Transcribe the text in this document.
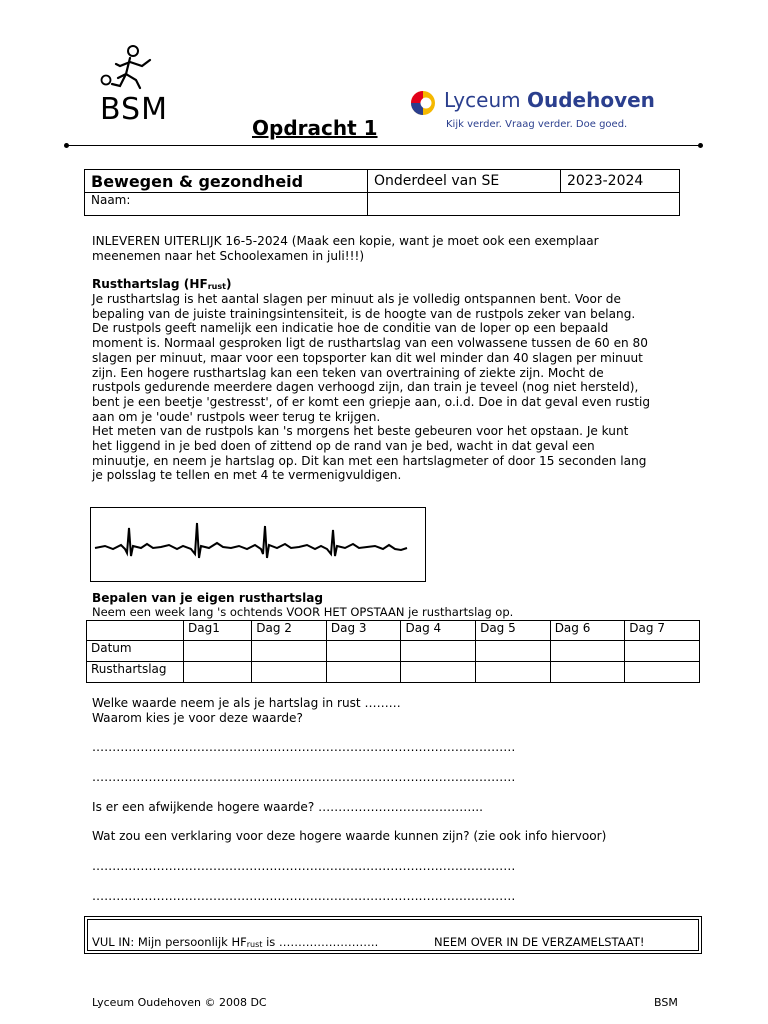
BSM
Opdracht 1
Lyceum Oudehoven
Kijk verder. Vraag verder. Doe goed.
Bewegen & gezondheid	Onderdeel van SE	2023-2024
Naam:		
INLEVEREN UITERLIJK 16-5-2024 (Maak een kopie, want je moet ook een exemplaar
meenemen naar het Schoolexamen in juli!!!)
Rusthartslag $(HF_{rust})$
Je rusthartslag is het aantal slagen per minuut als je volledig ontspannen bent. Voor de
bepaling van de juiste trainingsintensiteit, is de hoogte van de rustpols zeker van belang.
De rustpols geeft namelijk een indicatie hoe de conditie van de loper op een bepaald
moment is. Normaal gesproken ligt de rusthartslag van een volwassene tussen de 60 en 80
slagen per minuut, maar voor een topsporter kan dit wel minder dan 40 slagen per minuut
zijn. Een hogere rusthartslag kan een teken van overtraining of ziekte zijn. Mocht de
rustpols gedurende meerdere dagen verhoogd zijn, dan train je teveel (nog niet hersteld),
bent je een beetje 'gestresst', of er komt een griepje aan, o.i.d. Doe in dat geval even rustig
aan om je 'oude' rustpols weer terug te krijgen.
Het meten van de rustpols kan 's morgens het beste gebeuren voor het opstaan. Je kunt
het liggend in je bed doen of zittend op de rand van je bed, wacht in dat geval een
minuutje, en neem je hartslag op. Dit kan met een hartslagmeter of door 15 seconden lang
je polsslag te tellen en met 4 te vermenigvuldigen.
Bepalen van je eigen rusthartslag
Neem een week lang 's ochtends VOOR HET OPSTAAN je rusthartslag op.
	Dag1	Dag 2	Dag 3	Dag 4	Dag 5	Dag 6	Dag 7
Datum							
Rusthartslag							
Welke waarde neem je als je hartslag in rust ………
Waarom kies je voor deze waarde?
……………………………………………………………………………………………
……………………………………………………………………………………………
Is er een afwijkende hogere waarde? …………………………………..
Wat zou een verklaring voor deze hogere waarde kunnen zijn? (zie ook info hiervoor)
……………………………………………………………………………………………
……………………………………………………………………………………………
VUL IN: Mijn persoonlijk $HF_{rust}$ is ……………………..	NEEM OVER IN DE VERZAMELSTAAT!
Lyceum Oudehoven © 2008 DC	BSM
